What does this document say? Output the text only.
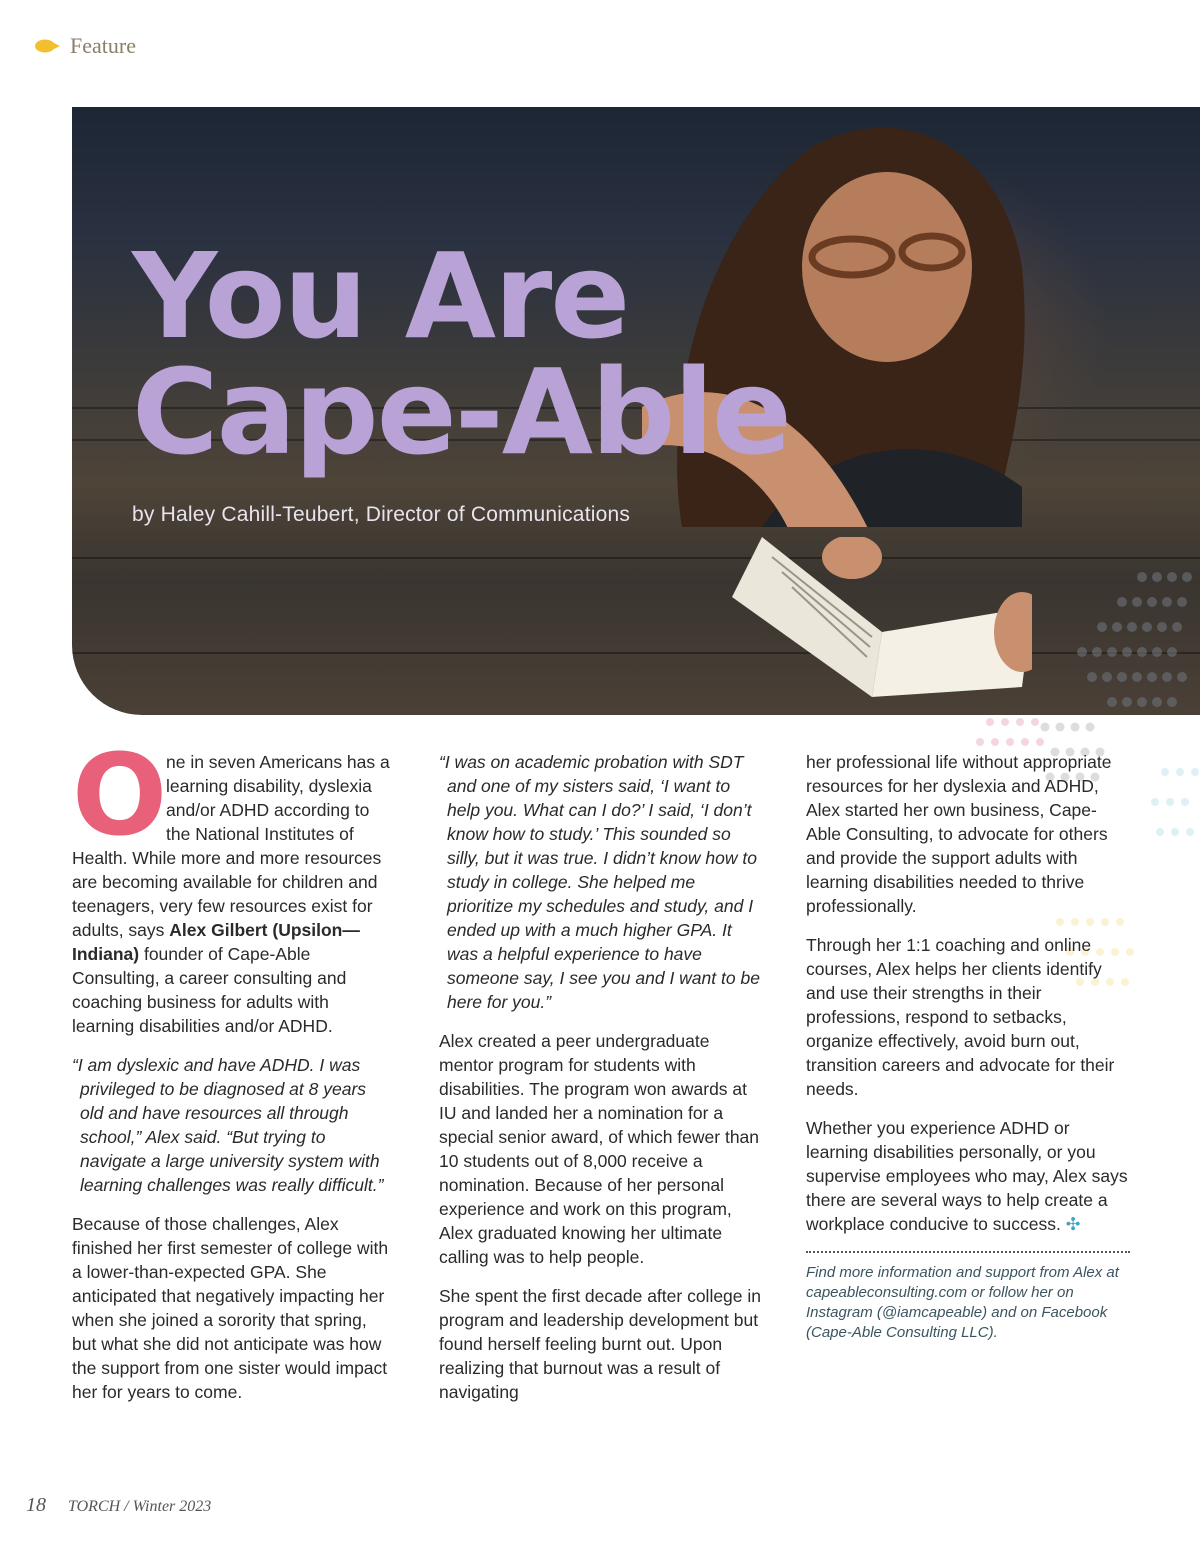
Feature
You Are
Cape-Able
by Haley Cahill-Teubert, Director of Communications

O
ne in seven Americans has a learning disability, dyslexia and/or ADHD according to the National Institutes of Health. While more and more resources are becoming available for children and teenagers, very few resources exist for adults, says Alex Gilbert (Upsilon—Indiana) founder of Cape-Able Consulting, a career consulting and coaching business for adults with learning disabilities and/or ADHD.

“I am dyslexic and have ADHD. I was privileged to be diagnosed at 8 years old and have resources all through school,” Alex said. “But trying to navigate a large university system with learning challenges was really difficult.”

Because of those challenges, Alex finished her first semester of college with a lower-than-expected GPA. She anticipated that negatively impacting her when she joined a sorority that spring, but what she did not anticipate was how the support from one sister would impact her for years to come.

“I was on academic probation with SDT and one of my sisters said, ‘I want to help you. What can I do?’ I said, ‘I don’t know how to study.’ This sounded so silly, but it was true. I didn’t know how to study in college. She helped me prioritize my schedules and study, and I ended up with a much higher GPA. It was a helpful experience to have someone say, I see you and I want to be here for you.”

Alex created a peer undergraduate mentor program for students with disabilities. The program won awards at IU and landed her a nomination for a special senior award, of which fewer than 10 students out of 8,000 receive a nomination. Because of her personal experience and work on this program, Alex graduated knowing her ultimate calling was to help people.

She spent the first decade after college in program and leadership development but found herself feeling burnt out. Upon realizing that burnout was a result of navigating

her professional life without appropriate resources for her dyslexia and ADHD, Alex started her own business, Cape-Able Consulting, to advocate for others and provide the support adults with learning disabilities needed to thrive professionally.

Through her 1:1 coaching and online courses, Alex helps her clients identify and use their strengths in their professions, respond to setbacks, organize effectively, avoid burn out, transition careers and advocate for their needs.

Whether you experience ADHD or learning disabilities personally, or you supervise employees who may, Alex says there are several ways to help create a workplace conducive to success. ✣

Find more information and support from Alex at capeableconsulting.com or follow her on Instagram (@iamcapeable) and on Facebook (Cape-Able Consulting LLC).
18 TORCH / Winter 2023
